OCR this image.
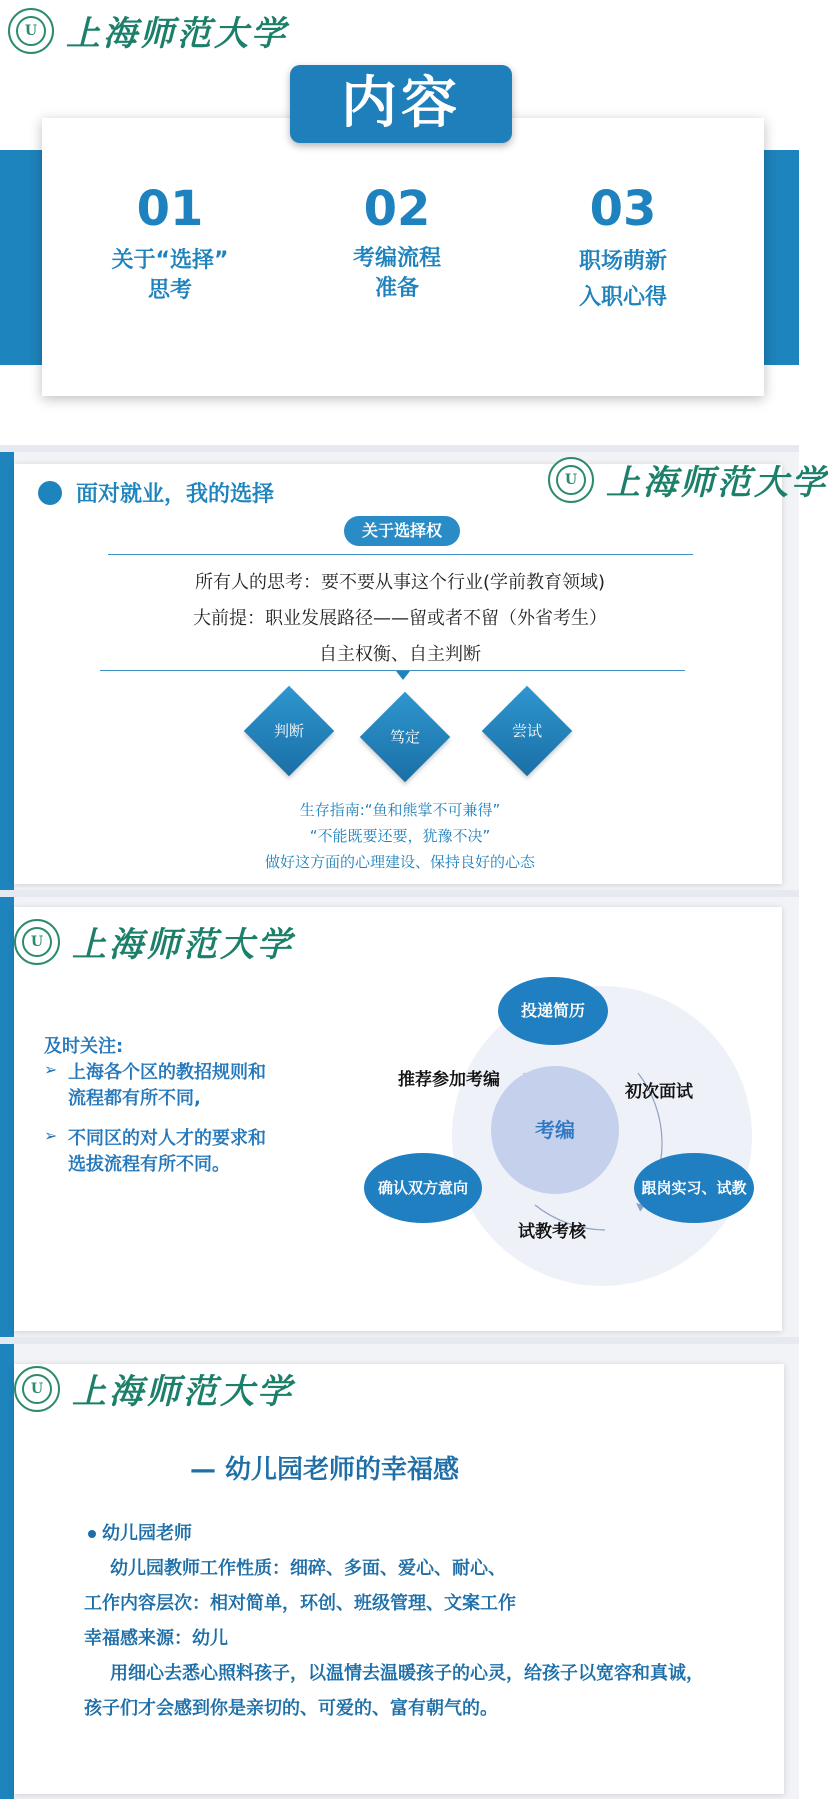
U 上海师范大学
内容
01
关于“选择”
思考
02
考编流程
准备
03
职场萌新
入职心得
U 上海师范大学
面对就业，我的选择
关于选择权
所有人的思考：要不要从事这个行业(学前教育领域)
大前提：职业发展路径——留或者不留（外省考生）
自主权衡、自主判断
判断	笃定	尝试
生存指南:“鱼和熊掌不可兼得”
“不能既要还要，犹豫不决”
做好这方面的心理建设、保持良好的心态
U 上海师范大学
及时关注:
➢ 上海各个区的教招规则和流程都有所不同,
➢ 不同区的对人才的要求和选拔流程有所不同。
考编
投递简历
初次面试
跟岗实习、试教
试教考核
确认双方意向
推荐参加考编
U 上海师范大学
— 幼儿园老师的幸福感
幼儿园老师
幼儿园教师工作性质：细碎、多面、爱心、耐心、
工作内容层次：相对简单，环创、班级管理、文案工作
幸福感来源：幼儿
用细心去悉心照料孩子，以温情去温暖孩子的心灵，给孩子以宽容和真诚，
孩子们才会感到你是亲切的、可爱的、富有朝气的。
